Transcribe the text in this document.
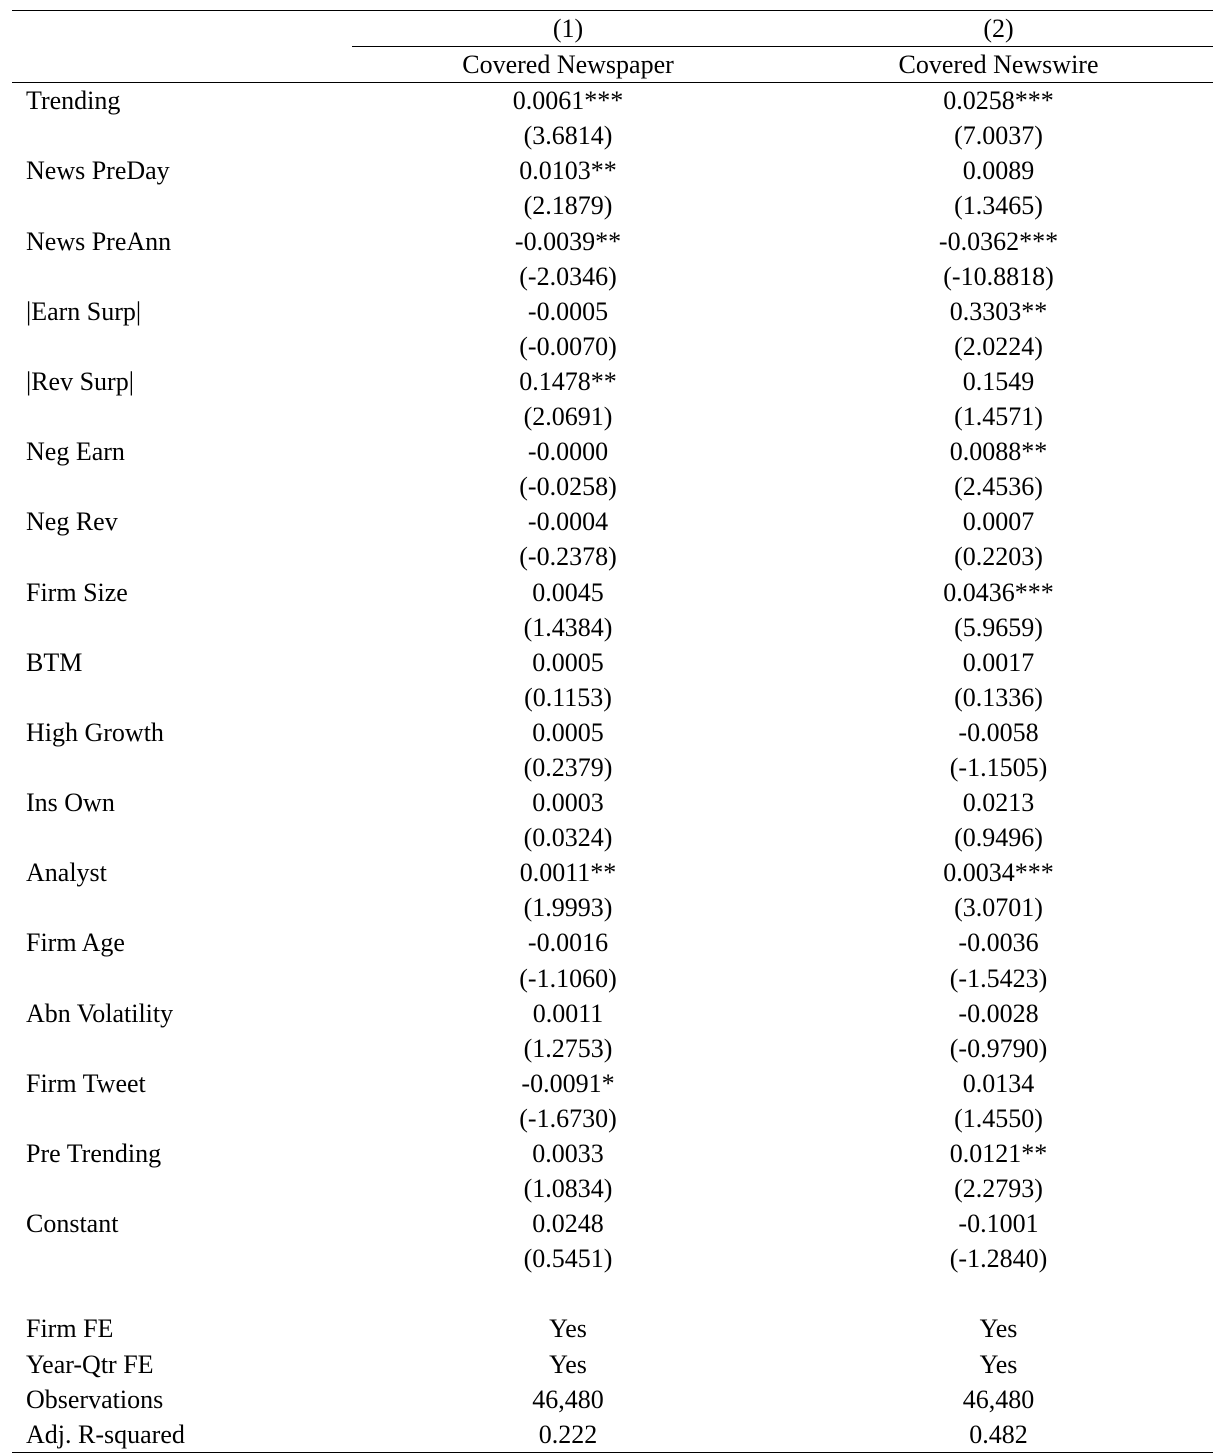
	(1)	(2)
	Covered Newspaper	Covered Newswire
Trending	0.0061***	0.0258***
	(3.6814)	(7.0037)
News PreDay	0.0103**	0.0089
	(2.1879)	(1.3465)
News PreAnn	-0.0039**	-0.0362***
	(-2.0346)	(-10.8818)
|Earn Surp|	-0.0005	0.3303**
	(-0.0070)	(2.0224)
|Rev Surp|	0.1478**	0.1549
	(2.0691)	(1.4571)
Neg Earn	-0.0000	0.0088**
	(-0.0258)	(2.4536)
Neg Rev	-0.0004	0.0007
	(-0.2378)	(0.2203)
Firm Size	0.0045	0.0436***
	(1.4384)	(5.9659)
BTM	0.0005	0.0017
	(0.1153)	(0.1336)
High Growth	0.0005	-0.0058
	(0.2379)	(-1.1505)
Ins Own	0.0003	0.0213
	(0.0324)	(0.9496)
Analyst	0.0011**	0.0034***
	(1.9993)	(3.0701)
Firm Age	-0.0016	-0.0036
	(-1.1060)	(-1.5423)
Abn Volatility	0.0011	-0.0028
	(1.2753)	(-0.9790)
Firm Tweet	-0.0091*	0.0134
	(-1.6730)	(1.4550)
Pre Trending	0.0033	0.0121**
	(1.0834)	(2.2793)
Constant	0.0248	-0.1001
	(0.5451)	(-1.2840)

Firm FE	Yes	Yes
Year-Qtr FE	Yes	Yes
Observations	46,480	46,480
Adj. R-squared	0.222	0.482
